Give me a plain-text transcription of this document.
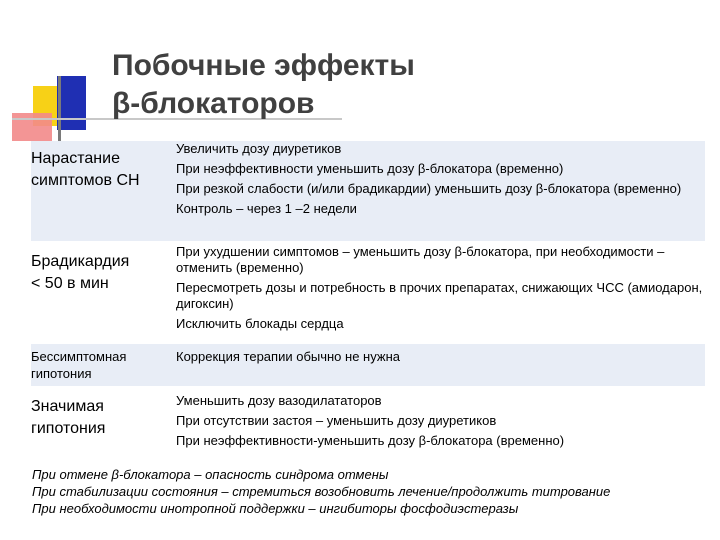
Побочные эффекты
β-блокаторов
Нарастание
симптомов СН

Увеличить дозу диуретиков

При неэффективности уменьшить дозу β-блокатора (временно)

При резкой слабости (и/или брадикардии) уменьшить дозу β-блокатора (временно)

Контроль – через 1 –2 недели

Брадикардия
< 50 в мин

При ухудшении симптомов – уменьшить дозу β-блокатора, при необходимости – отменить (временно)

Пересмотреть дозы и потребность в прочих препаратах, снижающих ЧСС (амиодарон, дигоксин)

Исключить блокады сердца

Бессимптомная
гипотония

Коррекция терапии обычно не нужна

Значимая
гипотония

Уменьшить дозу вазодилататоров

При отсутствии застоя – уменьшить дозу диуретиков

При неэффективности-уменьшить дозу β-блокатора (временно)

При отмене β-блокатора – опасность синдрома отмены

При стабилизации состояния – стремиться возобновить лечение/продолжить титрование

При необходимости инотропной поддержки – ингибиторы фосфодиэстеразы
